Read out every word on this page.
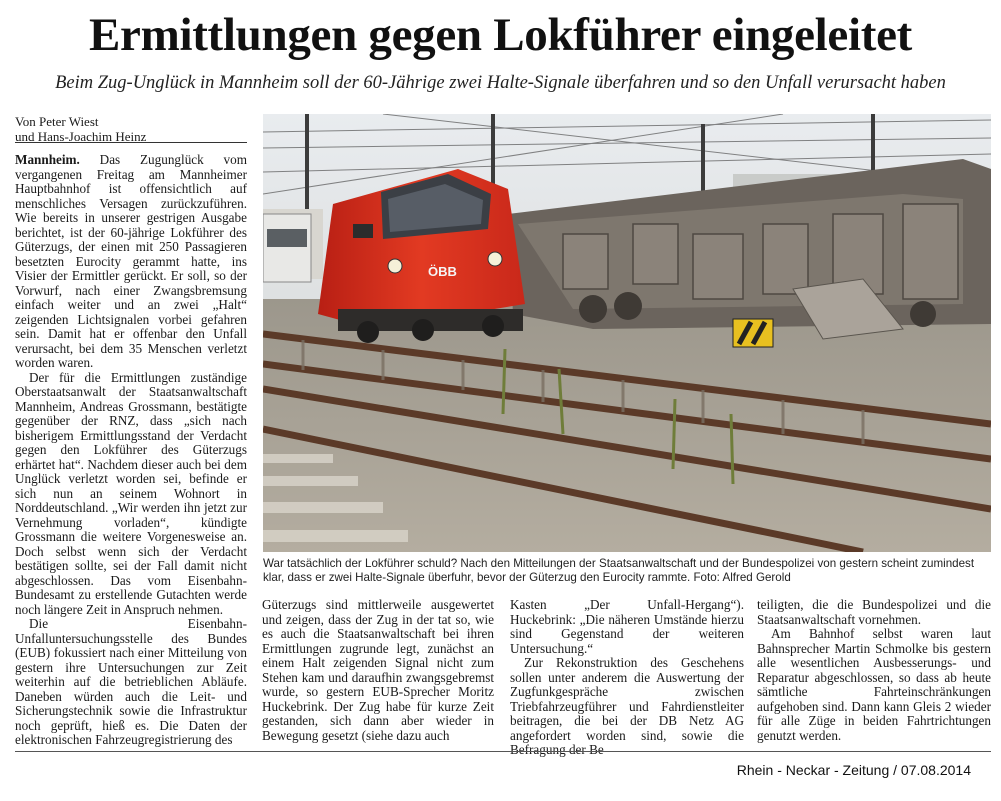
Ermittlungen gegen Lokführer eingeleitet

Beim Zug-Unglück in Mannheim soll der 60-Jährige zwei Halte-Signale überfahren und so den Unfall verursacht haben

Von Peter Wiest
und Hans-Joachim Heinz

Mannheim. Das Zugunglück vom vergangenen Freitag am Mannheimer Hauptbahnhof ist offensichtlich auf menschliches Versagen zurückzuführen. Wie bereits in unserer gestrigen Ausgabe berichtet, ist der 60-jährige Lokführer des Güterzugs, der einen mit 250 Passagieren besetzten Eurocity gerammt hatte, ins Visier der Ermittler gerückt. Er soll, so der Vorwurf, nach einer Zwangsbremsung einfach weiter und an zwei „Halt“ zeigenden Lichtsignalen vorbei gefahren sein. Damit hat er offenbar den Unfall verursacht, bei dem 35 Menschen verletzt worden waren.

Der für die Ermittlungen zuständige Oberstaatsanwalt der Staatsanwaltschaft Mannheim, Andreas Grossmann, bestätigte gegenüber der RNZ, dass „sich nach bisherigem Ermittlungsstand der Verdacht gegen den Lokführer des Güterzugs erhärtet hat“. Nachdem dieser auch bei dem Unglück verletzt worden sei, befinde er sich nun an seinem Wohnort in Norddeutschland. „Wir werden ihn jetzt zur Vernehmung vorladen“, kündigte Grossmann die weitere Vorgenesweise an. Doch selbst wenn sich der Verdacht bestätigen sollte, sei der Fall damit nicht abgeschlossen. Das vom Eisenbahn-Bundesamt zu erstellende Gutachten werde noch längere Zeit in Anspruch nehmen.

Die Eisenbahn-Unfalluntersuchungsstelle des Bundes (EUB) fokussiert nach einer Mitteilung von gestern ihre Untersuchungen zur Zeit weiterhin auf die betrieblichen Abläufe. Daneben würden auch die Leit- und Sicherungstechnik sowie die Infrastruktur noch geprüft, hieß es. Die Daten der elektronischen Fahrzeugregistrierung des

ÖBB
War tatsächlich der Lokführer schuld? Nach den Mitteilungen der Staatsanwaltschaft und der Bundespolizei von gestern scheint zumindest klar, dass er zwei Halte-Signale überfuhr, bevor der Güterzug den Eurocity rammte. Foto: Alfred Gerold

Güterzugs sind mittlerweile ausgewertet und zeigen, dass der Zug in der tat so, wie es auch die Staatsanwaltschaft bei ihren Ermittlungen zugrunde legt, zunächst an einem Halt zeigenden Signal nicht zum Stehen kam und daraufhin zwangsgebremst wurde, so gestern EUB-Sprecher Moritz Huckebrink. Der Zug habe für kurze Zeit gestanden, sich dann aber wieder in Bewegung gesetzt (siehe dazu auch

Kasten „Der Unfall-Hergang“). Huckebrink: „Die näheren Umstände hierzu sind Gegenstand der weiteren Untersuchung.“

Zur Rekonstruktion des Geschehens sollen unter anderem die Auswertung der Zugfunkgespräche zwischen Triebfahrzeugführer und Fahrdienstleiter beitragen, die bei der DB Netz AG angefordert worden sind, sowie die Befragung der Be

teiligten, die die Bundespolizei und die Staatsanwaltschaft vornehmen.

Am Bahnhof selbst waren laut Bahnsprecher Martin Schmolke bis gestern alle wesentlichen Ausbesserungs- und Reparatur abgeschlossen, so dass ab heute sämtliche Fahrteinschränkungen aufgehoben sind. Dann kann Gleis 2 wieder für alle Züge in beiden Fahrtrichtungen genutzt werden.

Rhein - Neckar - Zeitung / 07.08.2014
